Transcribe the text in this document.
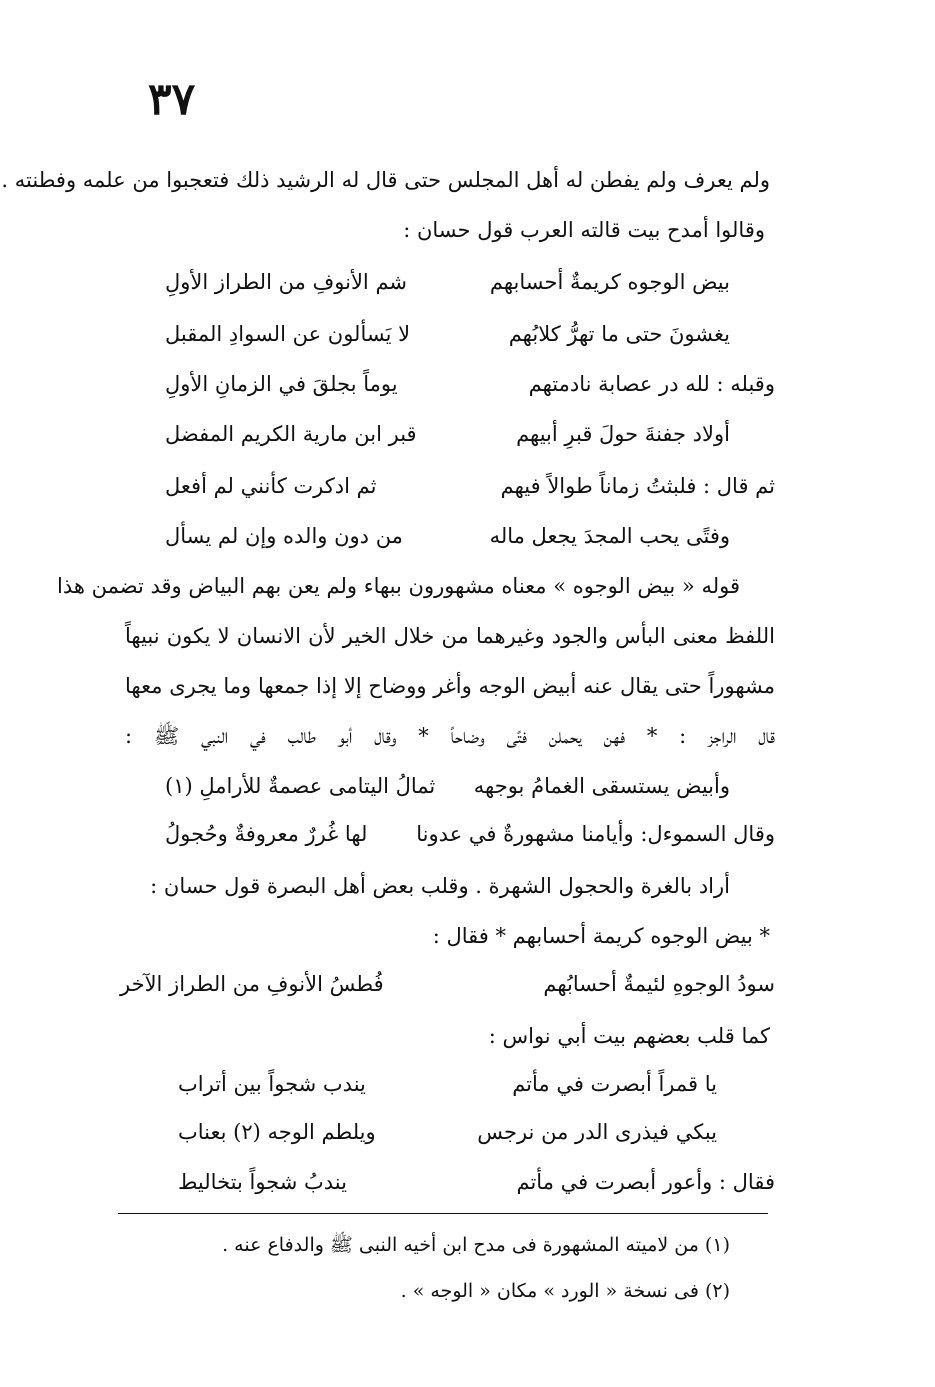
٣٧
ولم يعرف ولم يفطن له أهل المجلس حتى قال له الرشيد ذلك فتعجبوا من علمه وفطنته .
وقالوا أمدح بيت قالته العرب قول حسان :
بيض الوجوه كريمةٌ أحسابهم
شم الأنوفِ من الطراز الأولِ
يغشونَ حتى ما تهرُّ كلابُهم
لا يَسألون عن السوادِ المقبل
وقبله : لله در عصابة نادمتهم
يوماً بجلقَ في الزمانِ الأولِ
أولاد جفنةَ حولَ قبرِ أبيهم
قبر ابن مارية الكريم المفضل
ثم قال : فلبثتُ زماناً طوالاً فيهم
ثم ادكرت كأنني لم أفعل
وفتًى يحب المجدَ يجعل ماله
من دون والده وإن لم يسأل
قوله « بيض الوجوه » معناه مشهورون ببهاء ولم يعن بهم البياض وقد تضمن هذا
اللفظ معنى البأس والجود وغيرهما من خلال الخير لأن الانسان لا يكون نبيهاً
مشهوراً حتى يقال عنه أبيض الوجه وأغر ووضاح إلا إذا جمعها وما يجرى معها
قال الراجز : * فهن يحملن فتًى وضاحاً * وقال أبو طالب في النبي ﷺ :
وأبيض يستسقى الغمامُ بوجهه
ثمالُ اليتامى عصمةٌ للأراملِ (١)
وقال السموءل: وأيامنا مشهورةٌ في عدونا
لها غُررٌ معروفةٌ وحُجولُ
أراد بالغرة والحجول الشهرة . وقلب بعض أهل البصرة قول حسان :
* بيض الوجوه كريمة أحسابهم * فقال :
سودُ الوجوهِ لئيمةٌ أحسابُهم
فُطسُ الأنوفِ من الطراز الآخر
كما قلب بعضهم بيت أبي نواس :
يا قمراً أبصرت في مأتم
يندب شجواً بين أتراب
يبكي فيذرى الدر من نرجس
ويلطم الوجه (٢) بعناب
فقال : وأعور أبصرت في مأتم
يندبُ شجواً بتخاليط
(١) من لاميته المشهورة فى مدح ابن أخيه النبى ﷺ والدفاع عنه .
(٢) فى نسخة « الورد » مكان « الوجه » .
